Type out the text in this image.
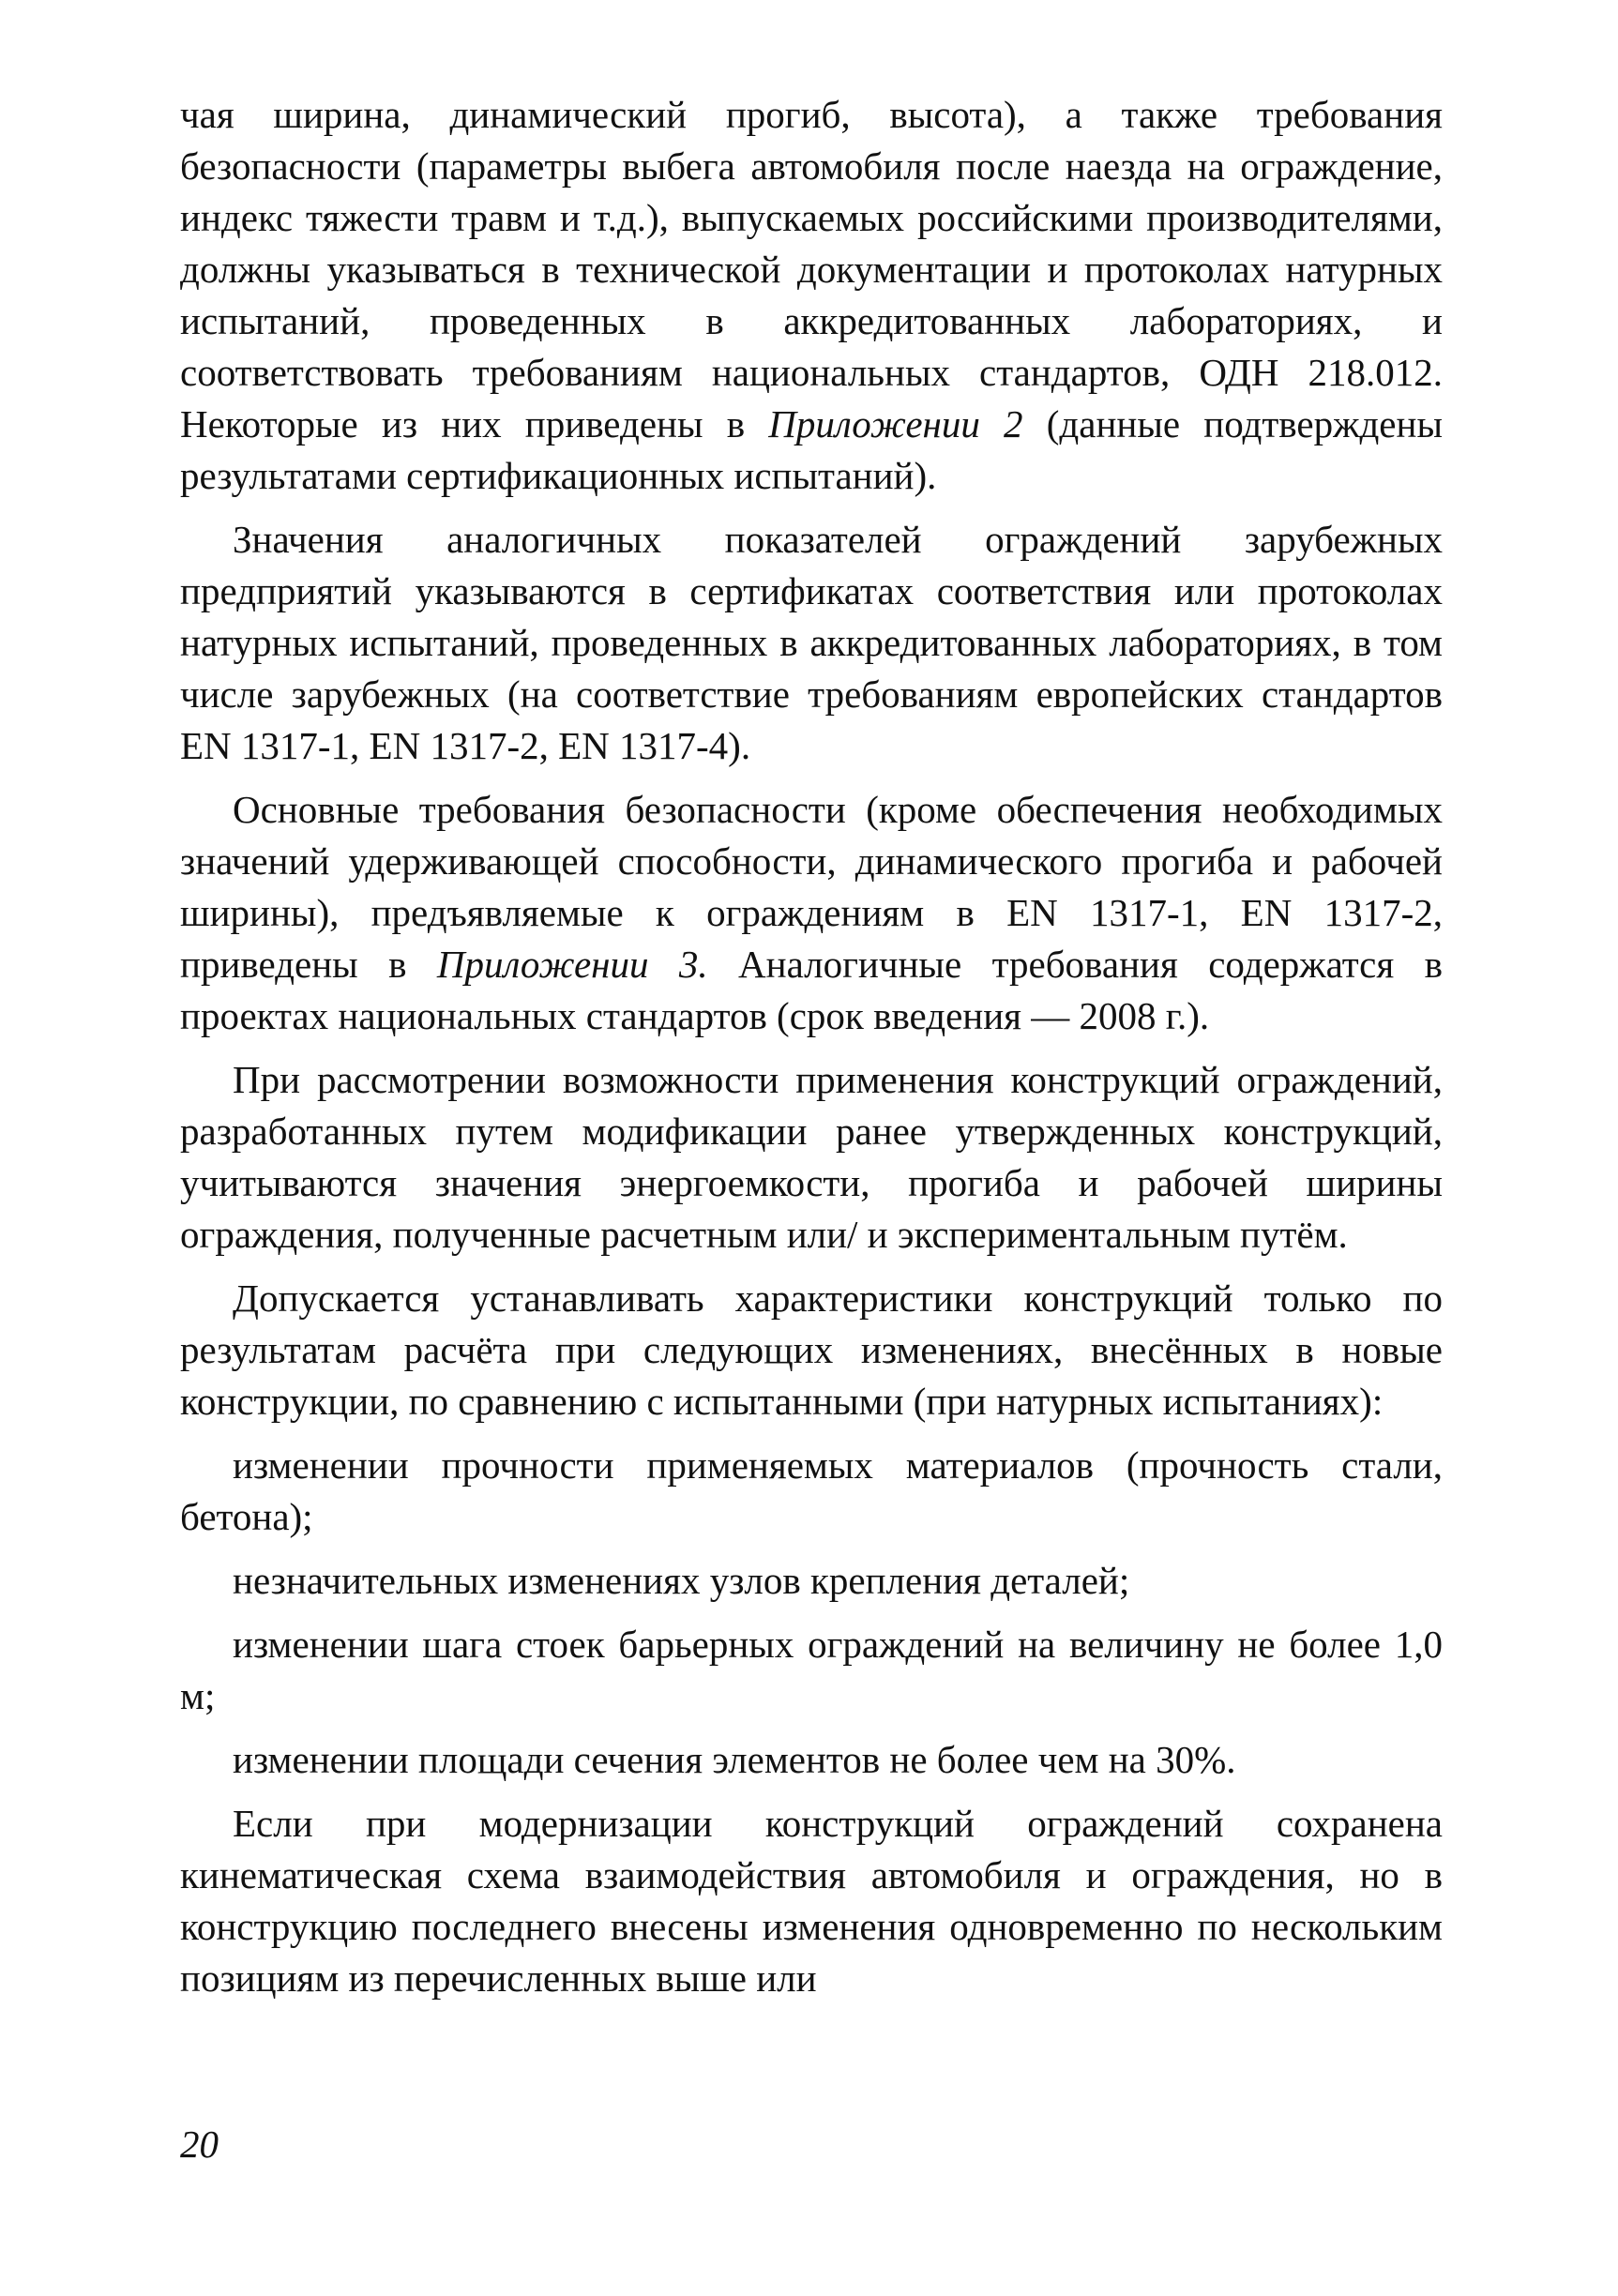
чая ширина, динамический прогиб, высота), а также требования безопасности (параметры выбега автомобиля после наезда на ограждение, индекс тяжести травм и т.д.), выпускаемых российскими производителями, должны указываться в технической документации и протоколах натурных испытаний, проведенных в аккредитованных лабораториях, и соответствовать требованиям национальных стандартов, ОДН 218.012. Некоторые из них приведены в Приложении 2 (данные подтверждены результатами сертификационных испытаний).

Значения аналогичных показателей ограждений зарубежных предприятий указываются в сертификатах соответствия или протоколах натурных испытаний, проведенных в аккредитованных лабораториях, в том числе зарубежных (на соответствие требованиям европейских стандартов EN 1317-1, EN 1317-2, EN 1317-4).

Основные требования безопасности (кроме обеспечения необходимых значений удерживающей способности, динамического прогиба и рабочей ширины), предъявляемые к ограждениям в EN 1317-1, EN 1317-2, приведены в Приложении 3. Аналогичные требования содержатся в проектах национальных стандартов (срок введения — 2008 г.).

При рассмотрении возможности применения конструкций ограждений, разработанных путем модификации ранее утвержденных конструкций, учитываются значения энергоемкости, прогиба и рабочей ширины ограждения, полученные расчетным или/ и экспериментальным путём.

Допускается устанавливать характеристики конструкций только по результатам расчёта при следующих изменениях, внесённых в новые конструкции, по сравнению с испытанными (при натурных испытаниях):

изменении прочности применяемых материалов (прочность стали, бетона);

незначительных изменениях узлов крепления деталей;

изменении шага стоек барьерных ограждений на величину не более 1,0 м;

изменении площади сечения элементов не более чем на 30%.

Если при модернизации конструкций ограждений сохранена кинематическая схема взаимодействия автомобиля и ограждения, но в конструкцию последнего внесены изменения одновременно по нескольким позициям из перечисленных выше или

20
